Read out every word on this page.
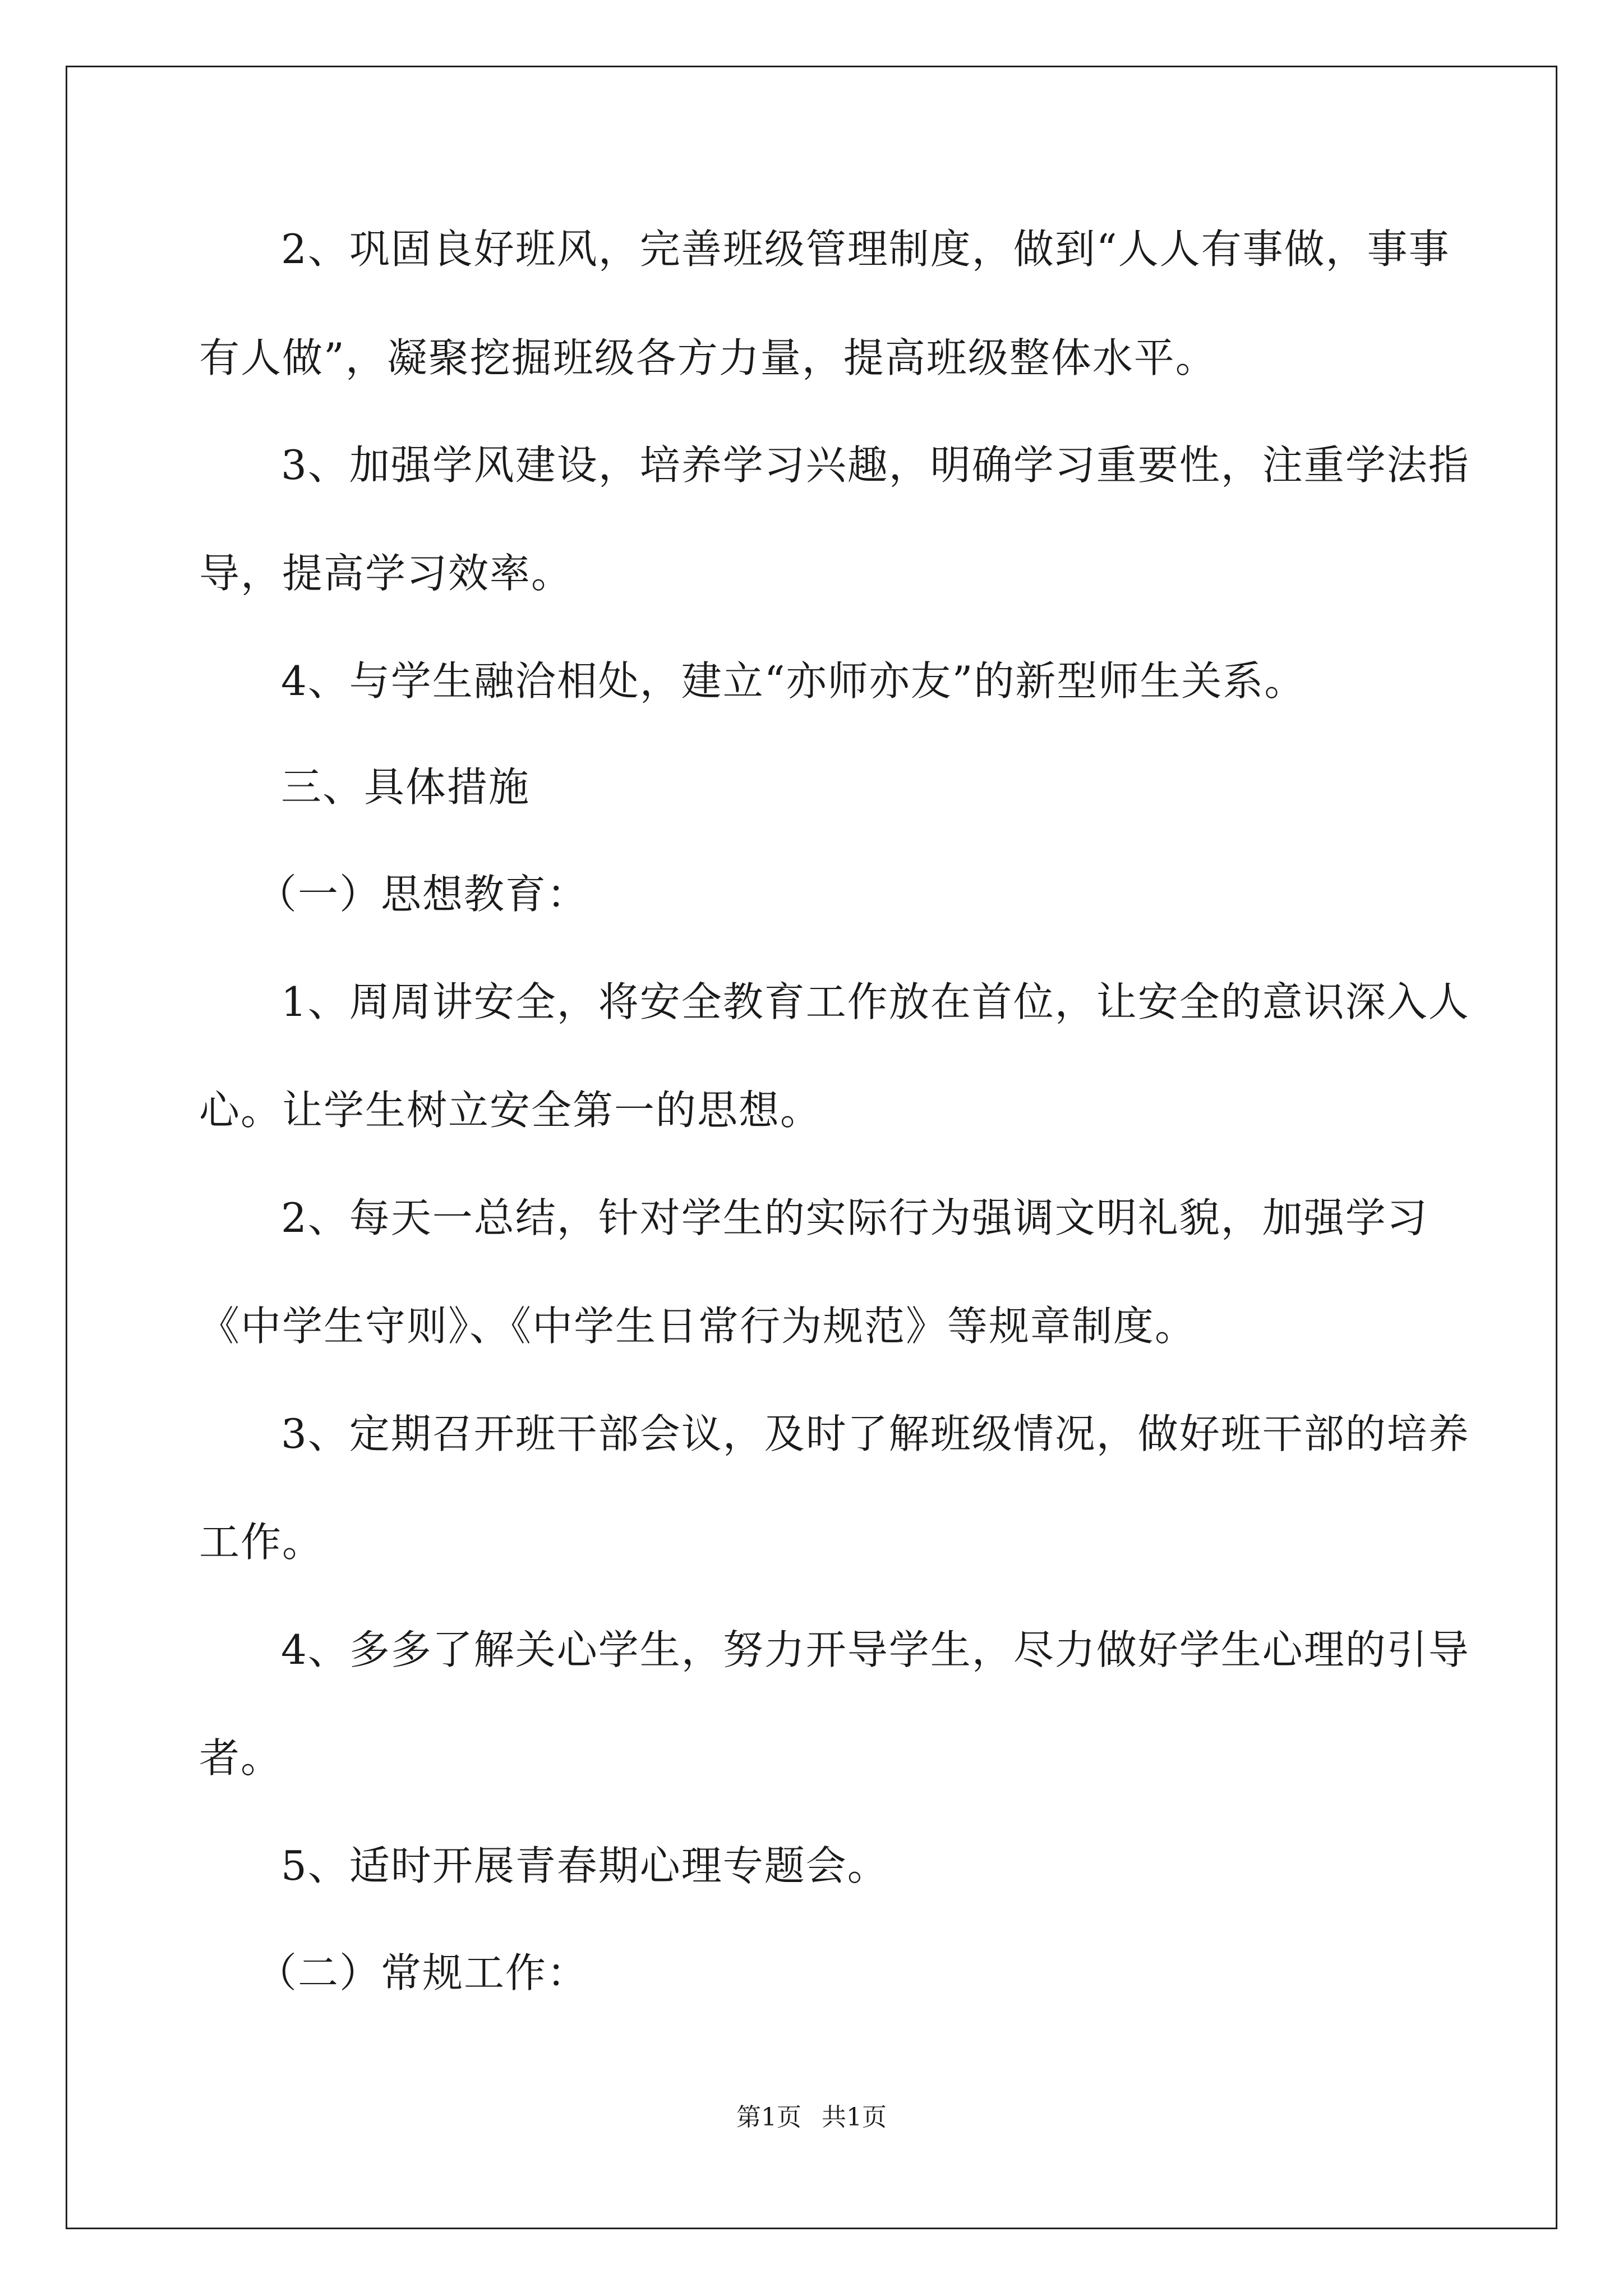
2、巩固良好班风，完善班级管理制度，做到“人人有事做，事事
有人做”，凝聚挖掘班级各方力量，提高班级整体水平。
3、加强学风建设，培养学习兴趣，明确学习重要性，注重学法指
导，提高学习效率。
4、与学生融洽相处，建立“亦师亦友”的新型师生关系。
三、具体措施
（一）思想教育：
1、周周讲安全，将安全教育工作放在首位，让安全的意识深入人
心。让学生树立安全第一的思想。
2、每天一总结，针对学生的实际行为强调文明礼貌，加强学习
《中学生守则》、《中学生日常行为规范》等规章制度。
3、定期召开班干部会议，及时了解班级情况，做好班干部的培养
工作。
4、多多了解关心学生，努力开导学生，尽力做好学生心理的引导
者。
5、适时开展青春期心理专题会。
（二）常规工作：
第1页 共1页
